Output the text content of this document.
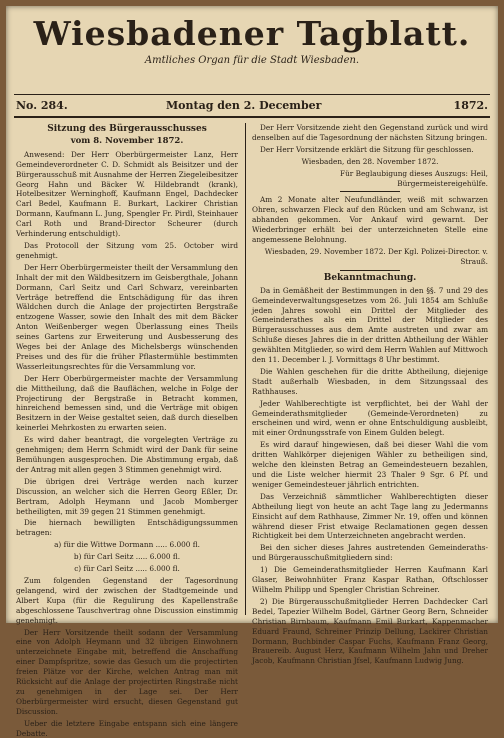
Wiesbadener Tagblatt.
Amtliches Organ für die Stadt Wiesbaden.
No. 284.	Montag den 2. December	1872.

Sitzung des Bürgerausschusses

vom 8. November 1872.

Anwesend: Der Herr Oberbürgermeister Lanz, Herr Gemeindeverordneter C. D. Schmidt als Beisitzer und der Bürgerausschuß mit Ausnahme der Herren Ziegeleibesitzer Georg Hahn und Bäcker W. Hildebrandt (krank), Hotelbesitzer Werninghoff, Kaufmann Engel, Dachdecker Carl Bedel, Kaufmann E. Burkart, Lackirer Christian Dormann, Kaufmann L. Jung, Spengler Fr. Pirdl, Steinhauer Carl Roth und Brand-Director Scheurer (durch Verhinderung entschuldigt).

Das Protocoll der Sitzung vom 25. October wird genehmigt.

Der Herr Oberbürgermeister theilt der Versammlung den Inhalt der mit den Wäldbesitzern im Geisbergthale, Johann Dormann, Carl Seitz und Carl Schwarz, vereinbarten Verträge betreffend die Entschädigung für das ihren Wäldchen durch die Anlage der projectirten Bergstraße entzogene Wasser, sowie den Inhalt des mit dem Bäcker Anton Weißenberger wegen Überlassung eines Theils seines Gartens zur Erweiterung und Ausbesserung des Weges bei der Anlage des Michelsbergs wünschenden Preises und des für die früher Pflastermühle bestimmten Wasserleitungsrechtes für die Versammlung vor.

Der Herr Oberbürgermeister machte der Versammlung die Mittheilung, daß die Bauflächen, welche in Folge der Projectirung der Bergstraße in Betracht kommen, hinreichend bemessen sind, und die Verträge mit obigen Besitzern in der Weise gestaltet seien, daß durch dieselben keinerlei Mehrkosten zu erwarten seien.

Es wird daher beantragt, die vorgelegten Verträge zu genehmigen; dem Herrn Schmidt wird der Dank für seine Bemühungen ausgesprochen. Die Abstimmung ergab, daß der Antrag mit allen gegen 3 Stimmen genehmigt wird.

Die übrigen drei Verträge werden nach kurzer Discussion, an welcher sich die Herren Georg Eßler, Dr. Bertram, Adolph Heymann und Jacob Momberger betheiligten, mit 39 gegen 21 Stimmen genehmigt.

Die hiernach bewilligten Entschädigungssummen betragen:

a) für die Wittwe Dormann ..... 6.000 fl.

b) für Carl Seitz ..... 6.000 fl.

c) für Carl Seitz ..... 6.000 fl.

Zum folgenden Gegenstand der Tagesordnung gelangend, wird der zwischen der Stadtgemeinde und Albert Kupa (für die Regulirung des Kapellenstraße abgeschlossene Tauschvertrag ohne Discussion einstimmig genehmigt.

Der Herr Vorsitzende theilt sodann der Versammlung eine von Adolph Heymann und 32 übrigen Einwohnern unterzeichnete Eingabe mit, betreffend die Anschaffung einer Dampfspritze, sowie das Gesuch um die projectirten freien Plätze vor der Kirche, welchen Antrag man mit Rücksicht auf die Anlage der projectirten Ringstraße nicht zu genehmigen in der Lage sei. Der Herr Oberbürgermeister wird ersucht, diesen Gegenstand gut Discussion.

Ueber die letztere Eingabe entspann sich eine längere Debatte.

Der Herr Vorsitzende zieht den Gegenstand zurück und wird denselben auf die Tagesordnung der nächsten Sitzung bringen.

Der Herr Vorsitzende erklärt die Sitzung für geschlossen.

Wiesbaden, den 28. November 1872.

Für Beglaubigung dieses Auszugs: Heil, Bürgermeistereigehülfe.

Am 2 Monate alter Neufundländer, weiß mit schwarzen Ohren, schwarzen Fleck auf den Rücken und am Schwanz, ist abhanden gekommen. Vor Ankauf wird gewarnt. Der Wiederbringer erhält bei der unterzeichneten Stelle eine angemessene Belohnung.

Wiesbaden, 29. November 1872. Der Kgl. Polizei-Director. v. Strauß.

Bekanntmachung.

Da in Gemäßheit der Bestimmungen in den §§. 7 und 29 des Gemeindeverwaltungsgesetzes vom 26. Juli 1854 am Schluße jeden Jahres sowohl ein Drittel der Mitglieder des Gemeinderathes als ein Drittel der Mitglieder des Bürgerausschusses aus dem Amte austreten und zwar am Schluße dieses Jahres die in der dritten Abtheilung der Wähler gewählten Mitglieder, so wird dem Herrn Wahlen auf Mittwoch den 11. December l. J. Vormittags 8 Uhr bestimmt.

Die Wahlen geschehen für die dritte Abtheilung, diejenige Stadt außerhalb Wiesbaden, in dem Sitzungssaal des Rathhauses.

Jeder Wahlberechtigte ist verpflichtet, bei der Wahl der Gemeinderathsmitglieder (Gemeinde-Verordneten) zu erscheinen und wird, wenn er ohne Entschuldigung ausbleibt, mit einer Ordnungsstrafe von Einem Gulden belegt.

Es wird darauf hingewiesen, daß bei dieser Wahl die vom dritten Wahlkörper diejenigen Wähler zu betheiligen sind, welche den kleinsten Betrag an Gemeindesteuern bezahlen, und die Liste welcher hiermit 23 Thaler 9 Sgr. 6 Pf. und weniger Gemeindesteuer jährlich entrichten.

Das Verzeichniß sämmtlicher Wahlberechtigten dieser Abtheilung liegt von heute an acht Tage lang zu Jedermanns Einsicht auf dem Rathhause, Zimmer Nr. 19, offen und können während dieser Frist etwaige Reclamationen gegen dessen Richtigkeit bei dem Unterzeichneten angebracht werden.

Bei den sicher dieses Jahres austretenden Gemeinderaths- und Bürgerausschußmitgliedern sind:

1) Die Gemeinderathsmitglieder Herren Kaufmann Karl Glaser, Beiwohnhüter Franz Kaspar Rathan, Oftschlosser Wilhelm Philipp und Spengler Christian Schreiner.

2) Die Bürgerausschußmitglieder Herren Dachdecker Carl Bedel, Tapezier Wilhelm Bodel, Gärtner Georg Bern, Schneider Christian Birnbaum, Kaufmann Emil Burkart, Kappenmacher Eduard Fraund, Schreiner Prinzip Dellung, Lackirer Christian Dormann, Buchbinder Caspar Fuchs, Kaufmann Franz Georg, Brauereib. August Herz, Kaufmann Wilhelm Jahn und Dreher Jacob, Kaufmann Christian Jfsel, Kaufmann Ludwig Jung.
